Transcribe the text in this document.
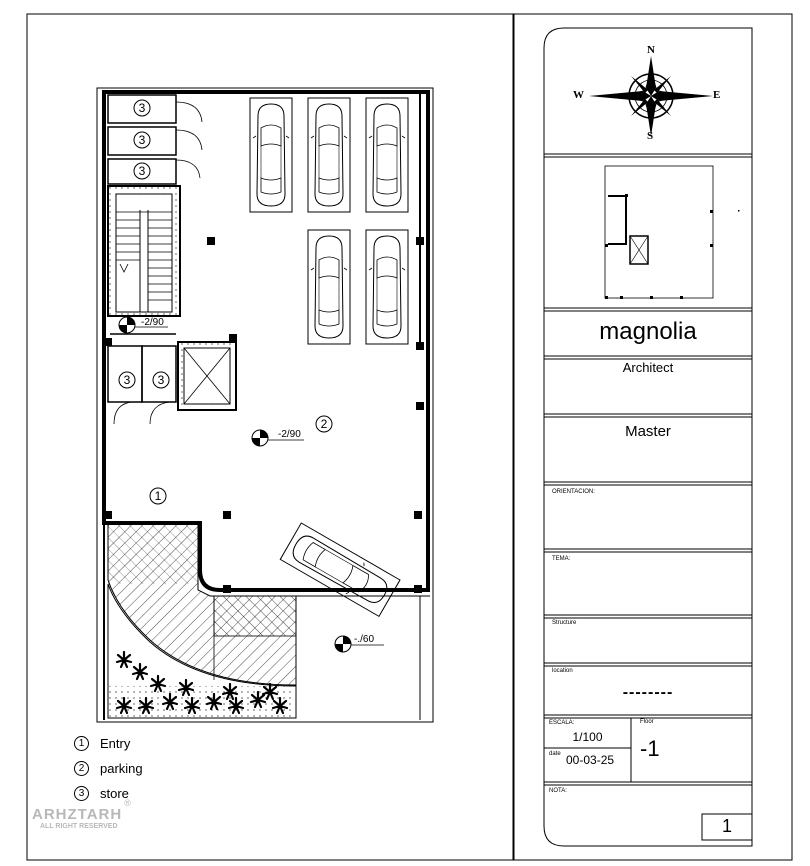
3
3
3
3 3
2
1
-2/90
-2/90
-./60
N
E
S
W
magnolia
Architect
Master
ORIENTACION:
TEMA:
Structure
location
--------
ESCALA:
1/100
Floor
-1
date 00-03-25
NOTA:
1
1	Entry
2	parking
3	store
ARHZTARH
®
ALL RIGHT RESERVED
